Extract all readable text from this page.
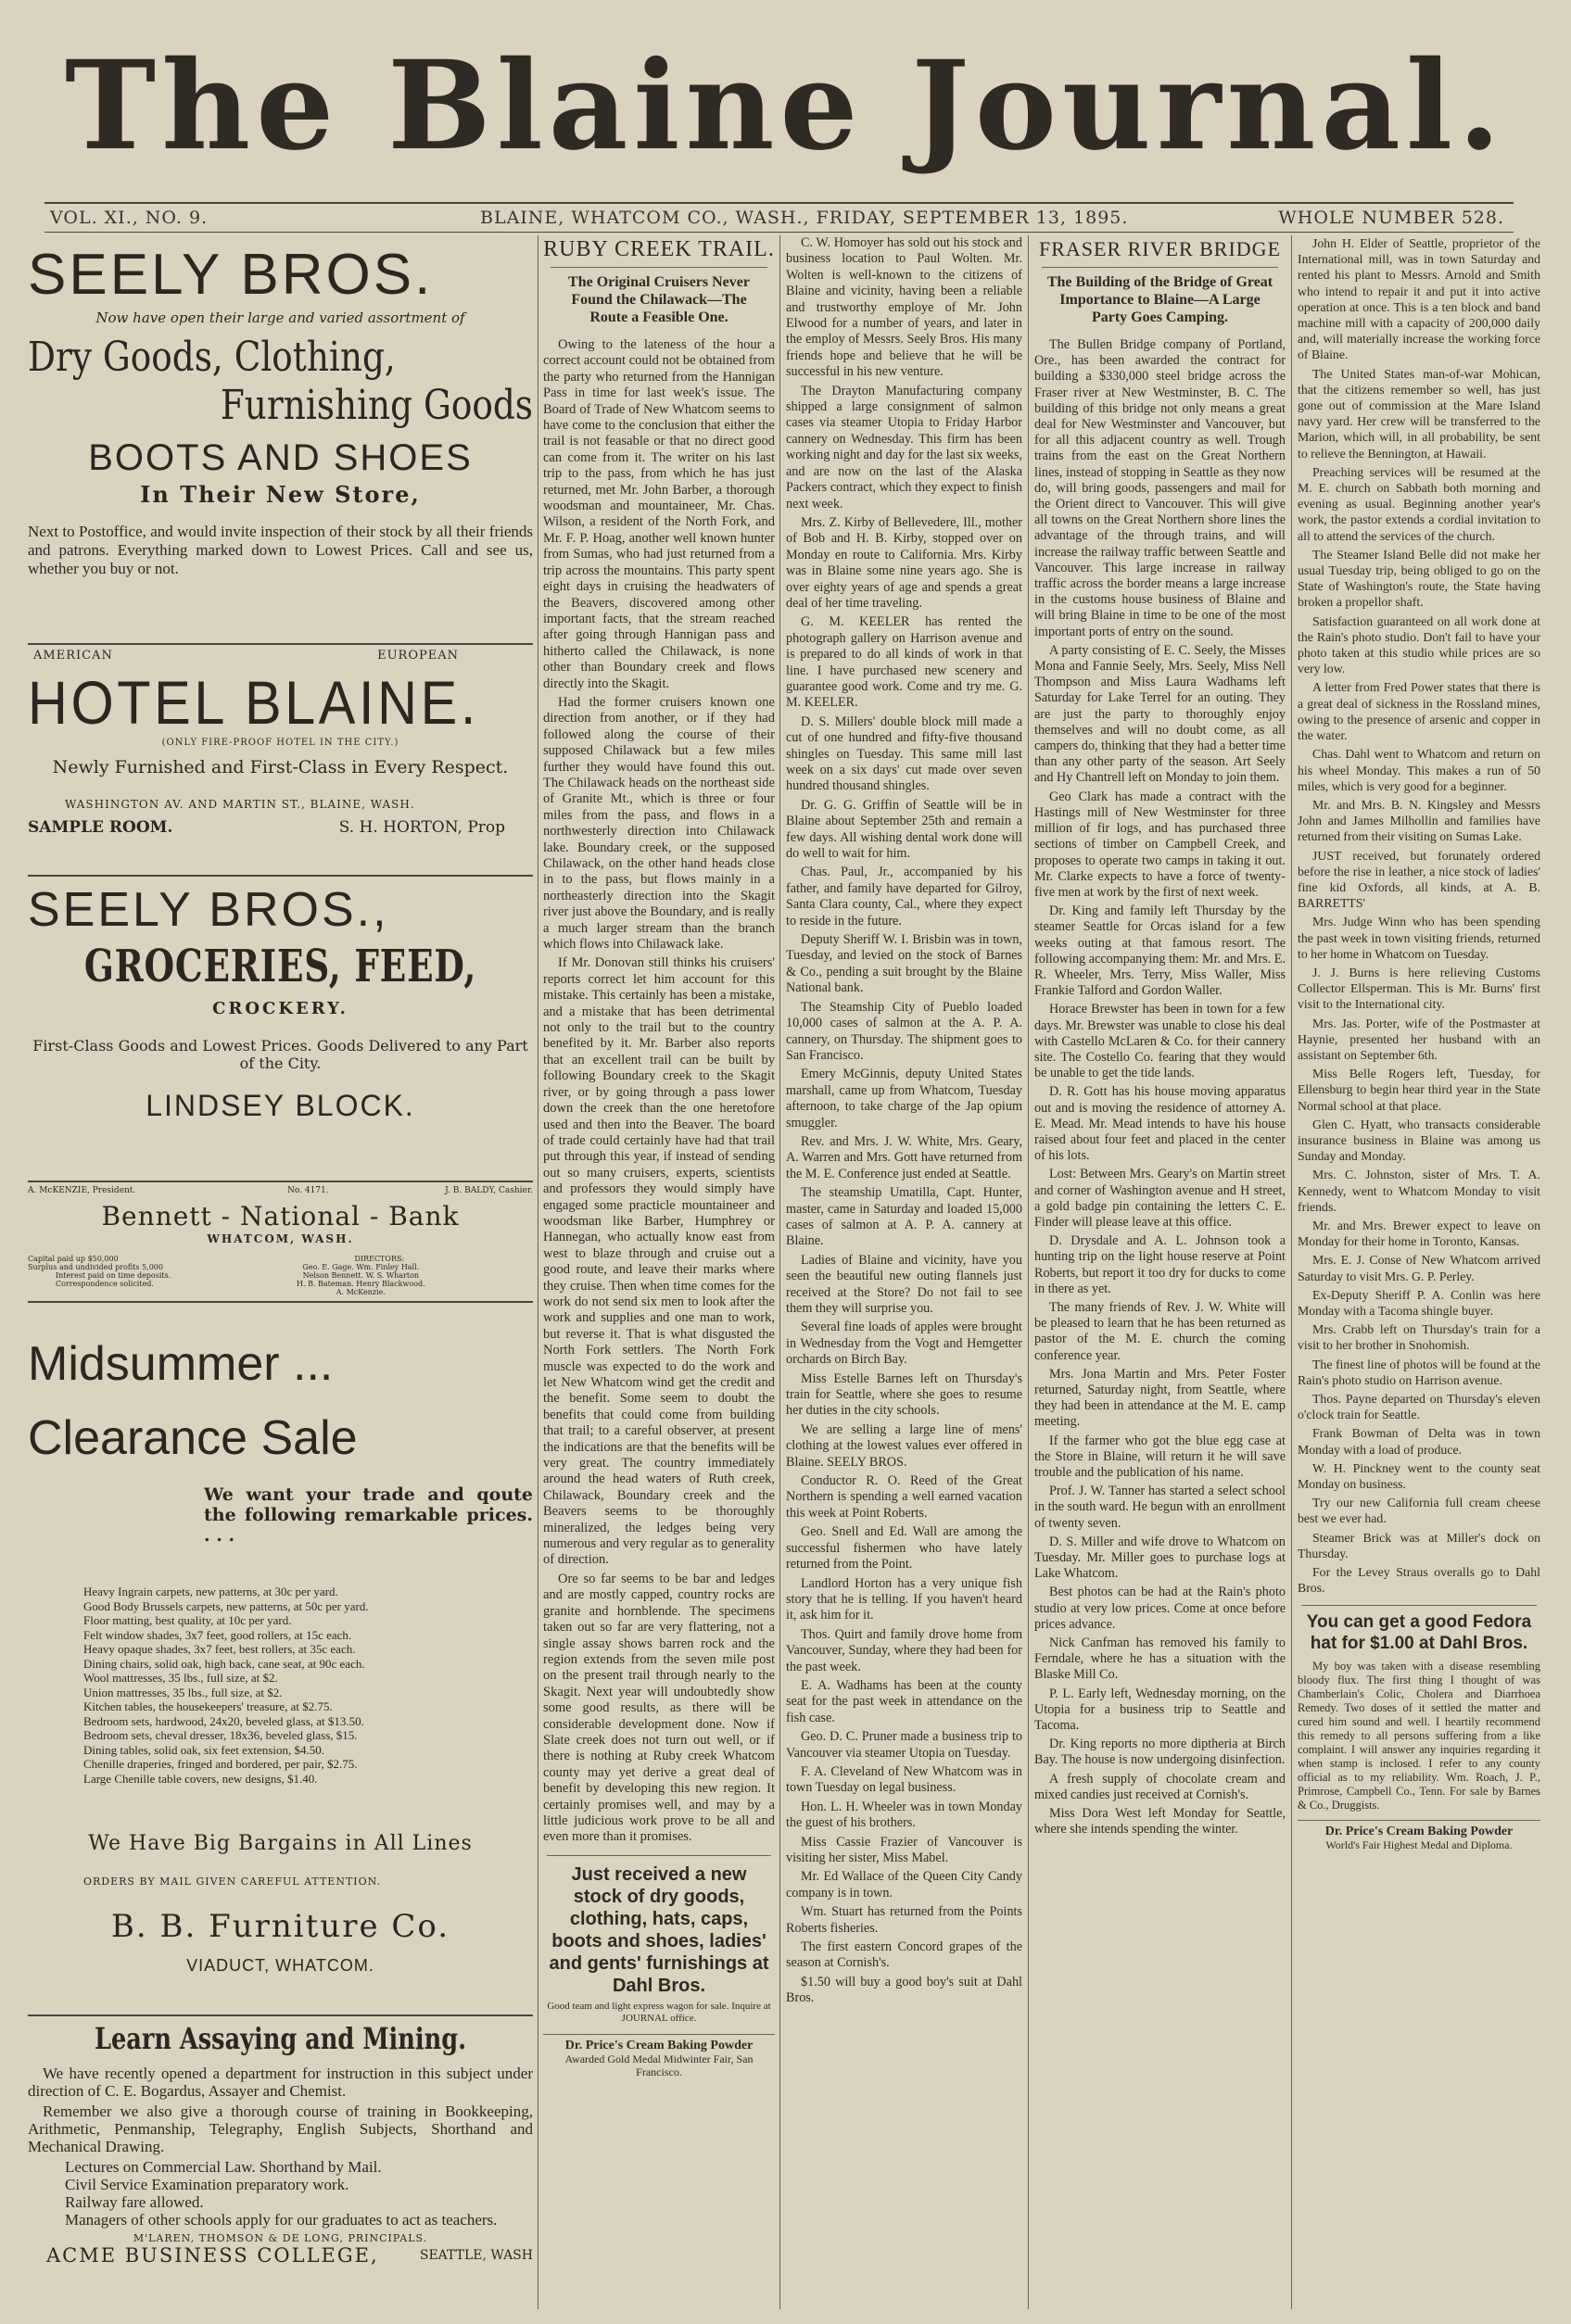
The Blaine Journal.
VOL. XI., NO. 9.	BLAINE, WHATCOM CO., WASH., FRIDAY, SEPTEMBER 13, 1895.	WHOLE NUMBER 528.
SEELY BROS.
Now have open their large and varied assortment of
Dry Goods, Clothing,
Furnishing Goods
BOOTS AND SHOES
In Their New Store,
Next to Postoffice, and would invite inspection of their stock by all their friends and patrons. Everything marked down to Lowest Prices. Call and see us, whether you buy or not.
AMERICAN	EUROPEAN
HOTEL BLAINE.
(ONLY FIRE-PROOF HOTEL IN THE CITY.)
Newly Furnished and First-Class in Every Respect.
WASHINGTON AV. AND MARTIN ST., BLAINE, WASH.
SAMPLE ROOM.	S. H. HORTON, Prop
SEELY BROS.,
GROCERIES, FEED,
CROCKERY.
First-Class Goods and Lowest Prices. Goods Delivered to any Part of the City.
LINDSEY BLOCK.
A. McKENZIE, President.	No. 4171.	J. B. BALDY, Cashier.
Bennett - National - Bank
WHATCOM, WASH.
Capital paid up $50,000
Surplus and undivided profits 5,000
Interest paid on time deposits.
Correspondence solicited.
DIRECTORS:
Geo. E. Gage. Wm. Finley Hall.
Nelson Bennett. W. S. Wharton
H. B. Bateman. Henry Blackwood.
A. McKenzie.
Midsummer ...
Clearance Sale
We want your trade and qoute the following remarkable prices. . . .
Heavy Ingrain carpets, new patterns, at 30c per yard.
Good Body Brussels carpets, new patterns, at 50c per yard.
Floor matting, best quality, at 10c per yard.
Felt window shades, 3x7 feet, good rollers, at 15c each.
Heavy opaque shades, 3x7 feet, best rollers, at 35c each.
Dining chairs, solid oak, high back, cane seat, at 90c each.
Wool mattresses, 35 lbs., full size, at $2.
Union mattresses, 35 lbs., full size, at $2.
Kitchen tables, the housekeepers' treasure, at $2.75.
Bedroom sets, hardwood, 24x20, beveled glass, at $13.50.
Bedroom sets, cheval dresser, 18x36, beveled glass, $15.
Dining tables, solid oak, six feet extension, $4.50.
Chenille draperies, fringed and bordered, per pair, $2.75.
Large Chenille table covers, new designs, $1.40.
We Have Big Bargains in All Lines
ORDERS BY MAIL GIVEN CAREFUL ATTENTION.
B. B. Furniture Co.
VIADUCT, WHATCOM.
Learn Assaying and Mining.
We have recently opened a department for instruction in this subject under direction of C. E. Bogardus, Assayer and Chemist.
Remember we also give a thorough course of training in Bookkeeping, Arithmetic, Penmanship, Telegraphy, English Subjects, Shorthand and Mechanical Drawing.
Lectures on Commercial Law. Shorthand by Mail.
Civil Service Examination preparatory work.
Railway fare allowed.
Managers of other schools apply for our graduates to act as teachers.
M'LAREN, THOMSON & DE LONG, PRINCIPALS.
ACME BUSINESS COLLEGE,	SEATTLE, WASH
RUBY CREEK TRAIL.
The Original Cruisers Never Found the Chilawack—The Route a Feasible One.
Owing to the lateness of the hour a correct account could not be obtained from the party who returned from the Hannigan Pass in time for last week's issue. The Board of Trade of New Whatcom seems to have come to the conclusion that either the trail is not feasable or that no direct good can come from it. The writer on his last trip to the pass, from which he has just returned, met Mr. John Barber, a thorough woodsman and mountaineer, Mr. Chas. Wilson, a resident of the North Fork, and Mr. F. P. Hoag, another well known hunter from Sumas, who had just returned from a trip across the mountains. This party spent eight days in cruising the headwaters of the Beavers, discovered among other important facts, that the stream reached after going through Hannigan pass and hitherto called the Chilawack, is none other than Boundary creek and flows directly into the Skagit.
Had the former cruisers known one direction from another, or if they had followed along the course of their supposed Chilawack but a few miles further they would have found this out. The Chilawack heads on the northeast side of Granite Mt., which is three or four miles from the pass, and flows in a northwesterly direction into Chilawack lake. Boundary creek, or the supposed Chilawack, on the other hand heads close in to the pass, but flows mainly in a northeasterly direction into the Skagit river just above the Boundary, and is really a much larger stream than the branch which flows into Chilawack lake.
If Mr. Donovan still thinks his cruisers' reports correct let him account for this mistake. This certainly has been a mistake, and a mistake that has been detrimental not only to the trail but to the country benefited by it. Mr. Barber also reports that an excellent trail can be built by following Boundary creek to the Skagit river, or by going through a pass lower down the creek than the one heretofore used and then into the Beaver. The board of trade could certainly have had that trail put through this year, if instead of sending out so many cruisers, experts, scientists and professors they would simply have engaged some practicle mountaineer and woodsman like Barber, Humphrey or Hannegan, who actually know east from west to blaze through and cruise out a good route, and leave their marks where they cruise. Then when time comes for the work do not send six men to look after the work and supplies and one man to work, but reverse it. That is what disgusted the North Fork settlers. The North Fork muscle was expected to do the work and let New Whatcom wind get the credit and the benefit. Some seem to doubt the benefits that could come from building that trail; to a careful observer, at present the indications are that the benefits will be very great. The country immediately around the head waters of Ruth creek, Chilawack, Boundary creek and the Beavers seems to be thoroughly mineralized, the ledges being very numerous and very regular as to generality of direction.
Ore so far seems to be bar and ledges and are mostly capped, country rocks are granite and hornblende. The specimens taken out so far are very flattering, not a single assay shows barren rock and the region extends from the seven mile post on the present trail through nearly to the Skagit. Next year will undoubtedly show some good results, as there will be considerable development done. Now if Slate creek does not turn out well, or if there is nothing at Ruby creek Whatcom county may yet derive a great deal of benefit by developing this new region. It certainly promises well, and may by a little judicious work prove to be all and even more than it promises.
Just received a new stock of dry goods, clothing, hats, caps, boots and shoes, ladies' and gents' furnishings at Dahl Bros.
Good team and light express wagon for sale. Inquire at JOURNAL office.
Dr. Price's Cream Baking Powder
Awarded Gold Medal Midwinter Fair, San Francisco.
C. W. Homoyer has sold out his stock and business location to Paul Wolten. Mr. Wolten is well-known to the citizens of Blaine and vicinity, having been a reliable and trustworthy employe of Mr. John Elwood for a number of years, and later in the employ of Messrs. Seely Bros. His many friends hope and believe that he will be successful in his new venture.
The Drayton Manufacturing company shipped a large consignment of salmon cases via steamer Utopia to Friday Harbor cannery on Wednesday. This firm has been working night and day for the last six weeks, and are now on the last of the Alaska Packers contract, which they expect to finish next week.
Mrs. Z. Kirby of Bellevedere, Ill., mother of Bob and H. B. Kirby, stopped over on Monday en route to California. Mrs. Kirby was in Blaine some nine years ago. She is over eighty years of age and spends a great deal of her time traveling.
G. M. KEELER has rented the photograph gallery on Harrison avenue and is prepared to do all kinds of work in that line. I have purchased new scenery and guarantee good work. Come and try me. G. M. KEELER.
D. S. Millers' double block mill made a cut of one hundred and fifty-five thousand shingles on Tuesday. This same mill last week on a six days' cut made over seven hundred thousand shingles.
Dr. G. G. Griffin of Seattle will be in Blaine about September 25th and remain a few days. All wishing dental work done will do well to wait for him.
Chas. Paul, Jr., accompanied by his father, and family have departed for Gilroy, Santa Clara county, Cal., where they expect to reside in the future.
Deputy Sheriff W. I. Brisbin was in town, Tuesday, and levied on the stock of Barnes & Co., pending a suit brought by the Blaine National bank.
The Steamship City of Pueblo loaded 10,000 cases of salmon at the A. P. A. cannery, on Thursday. The shipment goes to San Francisco.
Emery McGinnis, deputy United States marshall, came up from Whatcom, Tuesday afternoon, to take charge of the Jap opium smuggler.
Rev. and Mrs. J. W. White, Mrs. Geary, A. Warren and Mrs. Gott have returned from the M. E. Conference just ended at Seattle.
The steamship Umatilla, Capt. Hunter, master, came in Saturday and loaded 15,000 cases of salmon at A. P. A. cannery at Blaine.
Ladies of Blaine and vicinity, have you seen the beautiful new outing flannels just received at the Store? Do not fail to see them they will surprise you.
Several fine loads of apples were brought in Wednesday from the Vogt and Hemgetter orchards on Birch Bay.
Miss Estelle Barnes left on Thursday's train for Seattle, where she goes to resume her duties in the city schools.
We are selling a large line of mens' clothing at the lowest values ever offered in Blaine. SEELY BROS.
Conductor R. O. Reed of the Great Northern is spending a well earned vacation this week at Point Roberts.
Geo. Snell and Ed. Wall are among the successful fishermen who have lately returned from the Point.
Landlord Horton has a very unique fish story that he is telling. If you haven't heard it, ask him for it.
Thos. Quirt and family drove home from Vancouver, Sunday, where they had been for the past week.
E. A. Wadhams has been at the county seat for the past week in attendance on the fish case.
Geo. D. C. Pruner made a business trip to Vancouver via steamer Utopia on Tuesday.
F. A. Cleveland of New Whatcom was in town Tuesday on legal business.
Hon. L. H. Wheeler was in town Monday the guest of his brothers.
Miss Cassie Frazier of Vancouver is visiting her sister, Miss Mabel.
Mr. Ed Wallace of the Queen City Candy company is in town.
Wm. Stuart has returned from the Points Roberts fisheries.
The first eastern Concord grapes of the season at Cornish's.
$1.50 will buy a good boy's suit at Dahl Bros.
FRASER RIVER BRIDGE
The Building of the Bridge of Great Importance to Blaine—A Large Party Goes Camping.
The Bullen Bridge company of Portland, Ore., has been awarded the contract for building a $330,000 steel bridge across the Fraser river at New Westminster, B. C. The building of this bridge not only means a great deal for New Westminster and Vancouver, but for all this adjacent country as well. Trough trains from the east on the Great Northern lines, instead of stopping in Seattle as they now do, will bring goods, passengers and mail for the Orient direct to Vancouver. This will give all towns on the Great Northern shore lines the advantage of the through trains, and will increase the railway traffic between Seattle and Vancouver. This large increase in railway traffic across the border means a large increase in the customs house business of Blaine and will bring Blaine in time to be one of the most important ports of entry on the sound.
A party consisting of E. C. Seely, the Misses Mona and Fannie Seely, Mrs. Seely, Miss Nell Thompson and Miss Laura Wadhams left Saturday for Lake Terrel for an outing. They are just the party to thoroughly enjoy themselves and will no doubt come, as all campers do, thinking that they had a better time than any other party of the season. Art Seely and Hy Chantrell left on Monday to join them.
Geo Clark has made a contract with the Hastings mill of New Westminster for three million of fir logs, and has purchased three sections of timber on Campbell Creek, and proposes to operate two camps in taking it out. Mr. Clarke expects to have a force of twenty-five men at work by the first of next week.
Dr. King and family left Thursday by the steamer Seattle for Orcas island for a few weeks outing at that famous resort. The following accompanying them: Mr. and Mrs. E. R. Wheeler, Mrs. Terry, Miss Waller, Miss Frankie Talford and Gordon Waller.
Horace Brewster has been in town for a few days. Mr. Brewster was unable to close his deal with Castello McLaren & Co. for their cannery site. The Costello Co. fearing that they would be unable to get the tide lands.
D. R. Gott has his house moving apparatus out and is moving the residence of attorney A. E. Mead. Mr. Mead intends to have his house raised about four feet and placed in the center of his lots.
Lost: Between Mrs. Geary's on Martin street and corner of Washington avenue and H street, a gold badge pin containing the letters C. E. Finder will please leave at this office.
D. Drysdale and A. L. Johnson took a hunting trip on the light house reserve at Point Roberts, but report it too dry for ducks to come in there as yet.
The many friends of Rev. J. W. White will be pleased to learn that he has been returned as pastor of the M. E. church the coming conference year.
Mrs. Jona Martin and Mrs. Peter Foster returned, Saturday night, from Seattle, where they had been in attendance at the M. E. camp meeting.
If the farmer who got the blue egg case at the Store in Blaine, will return it he will save trouble and the publication of his name.
Prof. J. W. Tanner has started a select school in the south ward. He begun with an enrollment of twenty seven.
D. S. Miller and wife drove to Whatcom on Tuesday. Mr. Miller goes to purchase logs at Lake Whatcom.
Best photos can be had at the Rain's photo studio at very low prices. Come at once before prices advance.
Nick Canfman has removed his family to Ferndale, where he has a situation with the Blaske Mill Co.
P. L. Early left, Wednesday morning, on the Utopia for a business trip to Seattle and Tacoma.
Dr. King reports no more diptheria at Birch Bay. The house is now undergoing disinfection.
A fresh supply of chocolate cream and mixed candies just received at Cornish's.
Miss Dora West left Monday for Seattle, where she intends spending the winter.
John H. Elder of Seattle, proprietor of the International mill, was in town Saturday and rented his plant to Messrs. Arnold and Smith who intend to repair it and put it into active operation at once. This is a ten block and band machine mill with a capacity of 200,000 daily and, will materially increase the working force of Blaine.
The United States man-of-war Mohican, that the citizens remember so well, has just gone out of commission at the Mare Island navy yard. Her crew will be transferred to the Marion, which will, in all probability, be sent to relieve the Bennington, at Hawaii.
Preaching services will be resumed at the M. E. church on Sabbath both morning and evening as usual. Beginning another year's work, the pastor extends a cordial invitation to all to attend the services of the church.
The Steamer Island Belle did not make her usual Tuesday trip, being obliged to go on the State of Washington's route, the State having broken a propellor shaft.
Satisfaction guaranteed on all work done at the Rain's photo studio. Don't fail to have your photo taken at this studio while prices are so very low.
A letter from Fred Power states that there is a great deal of sickness in the Rossland mines, owing to the presence of arsenic and copper in the water.
Chas. Dahl went to Whatcom and return on his wheel Monday. This makes a run of 50 miles, which is very good for a beginner.
Mr. and Mrs. B. N. Kingsley and Messrs John and James Milhollin and families have returned from their visiting on Sumas Lake.
JUST received, but forunately ordered before the rise in leather, a nice stock of ladies' fine kid Oxfords, all kinds, at A. B. BARRETTS'
Mrs. Judge Winn who has been spending the past week in town visiting friends, returned to her home in Whatcom on Tuesday.
J. J. Burns is here relieving Customs Collector Ellsperman. This is Mr. Burns' first visit to the International city.
Mrs. Jas. Porter, wife of the Postmaster at Haynie, presented her husband with an assistant on September 6th.
Miss Belle Rogers left, Tuesday, for Ellensburg to begin hear third year in the State Normal school at that place.
Glen C. Hyatt, who transacts considerable insurance business in Blaine was among us Sunday and Monday.
Mrs. C. Johnston, sister of Mrs. T. A. Kennedy, went to Whatcom Monday to visit friends.
Mr. and Mrs. Brewer expect to leave on Monday for their home in Toronto, Kansas.
Mrs. E. J. Conse of New Whatcom arrived Saturday to visit Mrs. G. P. Perley.
Ex-Deputy Sheriff P. A. Conlin was here Monday with a Tacoma shingle buyer.
Mrs. Crabb left on Thursday's train for a visit to her brother in Snohomish.
The finest line of photos will be found at the Rain's photo studio on Harrison avenue.
Thos. Payne departed on Thursday's eleven o'clock train for Seattle.
Frank Bowman of Delta was in town Monday with a load of produce.
W. H. Pinckney went to the county seat Monday on business.
Try our new California full cream cheese best we ever had.
Steamer Brick was at Miller's dock on Thursday.
For the Levey Straus overalls go to Dahl Bros.
You can get a good Fedora hat for $1.00 at Dahl Bros.
My boy was taken with a disease resembling bloody flux. The first thing I thought of was Chamberlain's Colic, Cholera and Diarrhoea Remedy. Two doses of it settled the matter and cured him sound and well. I heartily recommend this remedy to all persons suffering from a like complaint. I will answer any inquiries regarding it when stamp is inclosed. I refer to any county official as to my reliability. Wm. Roach, J. P., Primrose, Campbell Co., Tenn. For sale by Barnes & Co., Druggists.
Dr. Price's Cream Baking Powder
World's Fair Highest Medal and Diploma.
